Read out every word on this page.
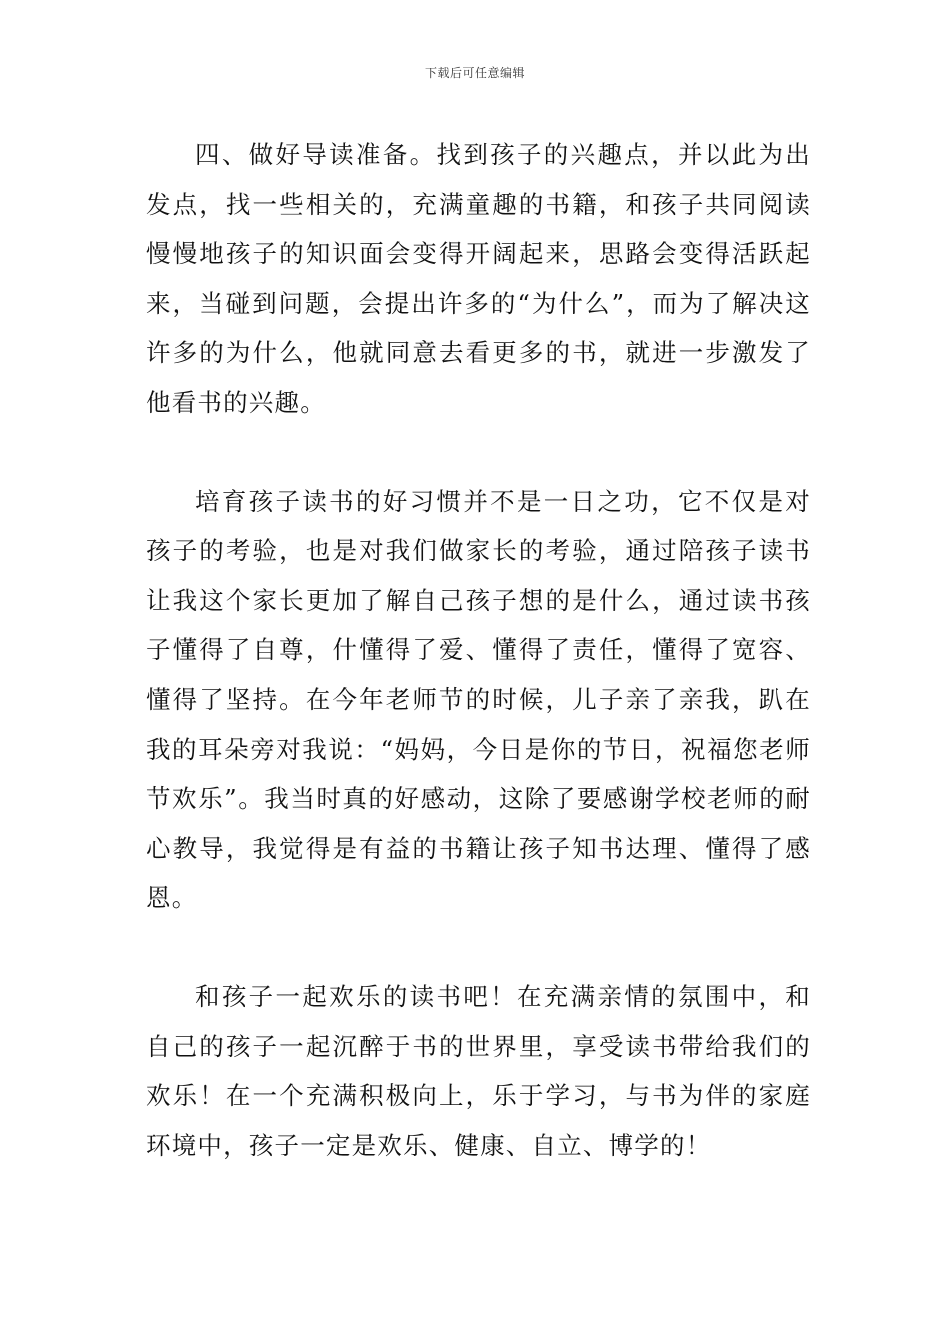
下载后可任意编辑

四、做好导读准备。找到孩子的兴趣点，并以此为出发点，找一些相关的，充满童趣的书籍，和孩子共同阅读慢慢地孩子的知识面会变得开阔起来，思路会变得活跃起来，当碰到问题，会提出许多的“为什么”，而为了解决这许多的为什么，他就同意去看更多的书，就进一步激发了他看书的兴趣。

培育孩子读书的好习惯并不是一日之功，它不仅是对孩子的考验，也是对我们做家长的考验，通过陪孩子读书让我这个家长更加了解自己孩子想的是什么，通过读书孩子懂得了自尊，什懂得了爱、懂得了责任，懂得了宽容、懂得了坚持。在今年老师节的时候，儿子亲了亲我，趴在我的耳朵旁对我说：“妈妈，今日是你的节日，祝福您老师节欢乐”。我当时真的好感动，这除了要感谢学校老师的耐心教导，我觉得是有益的书籍让孩子知书达理、懂得了感恩。

和孩子一起欢乐的读书吧！在充满亲情的氛围中，和自己的孩子一起沉醉于书的世界里，享受读书带给我们的欢乐！在一个充满积极向上，乐于学习，与书为伴的家庭环境中，孩子一定是欢乐、健康、自立、博学的！
